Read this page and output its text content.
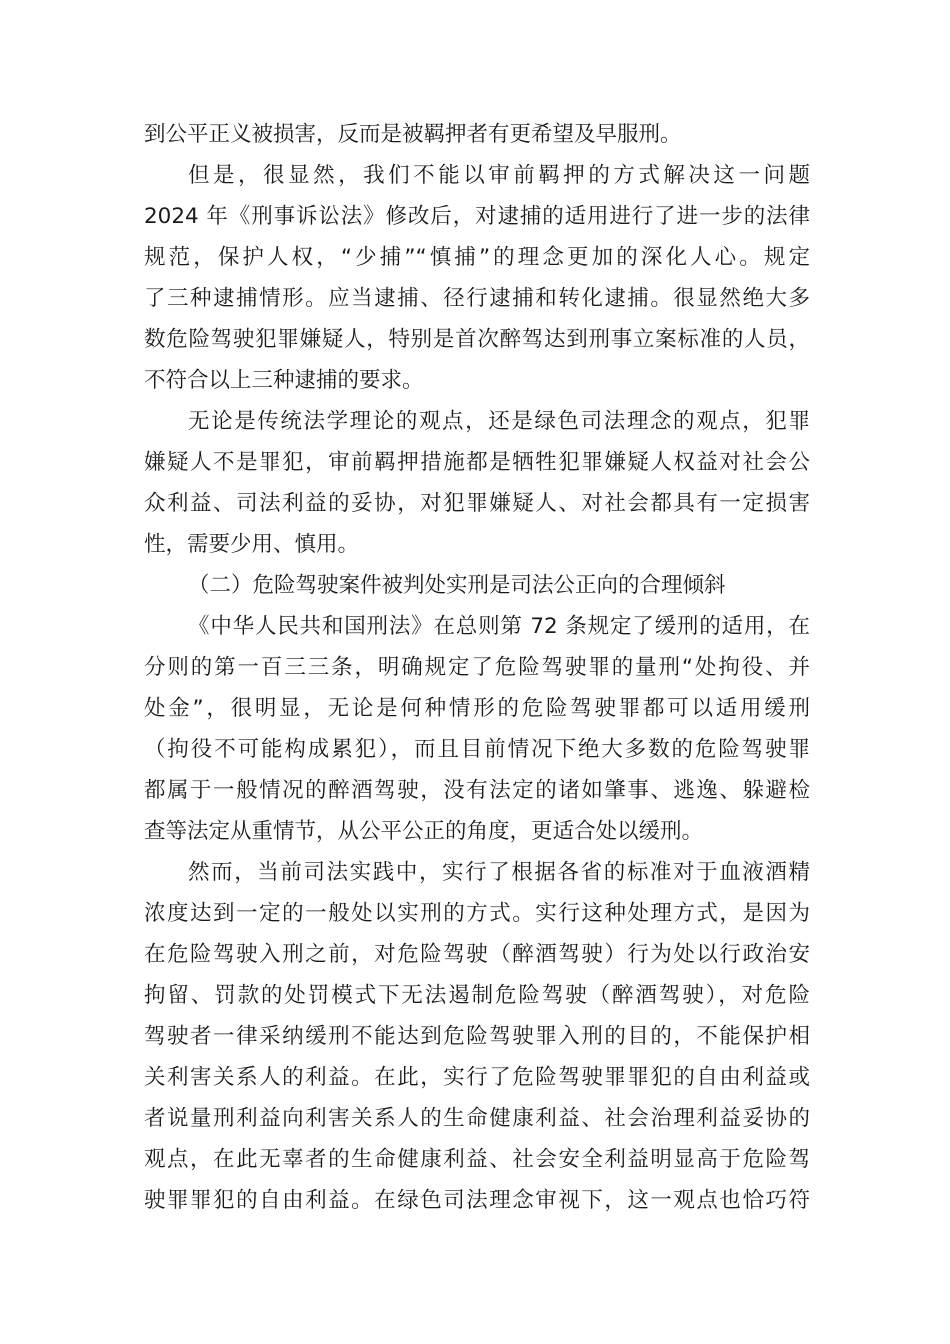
到公平正义被损害，反而是被羁押者有更希望及早服刑。
但是，很显然，我们不能以审前羁押的方式解决这一问题
2024 年《刑事诉讼法》修改后，对逮捕的适用进行了进一步的法律
规范，保护人权，“少捕”“慎捕”的理念更加的深化人心。规定
了三种逮捕情形。应当逮捕、径行逮捕和转化逮捕。很显然绝大多
数危险驾驶犯罪嫌疑人，特别是首次醉驾达到刑事立案标准的人员，
不符合以上三种逮捕的要求。
无论是传统法学理论的观点，还是绿色司法理念的观点，犯罪
嫌疑人不是罪犯，审前羁押措施都是牺牲犯罪嫌疑人权益对社会公
众利益、司法利益的妥协，对犯罪嫌疑人、对社会都具有一定损害
性，需要少用、慎用。
（二）危险驾驶案件被判处实刑是司法公正向的合理倾斜
《中华人民共和国刑法》在总则第 72 条规定了缓刑的适用，在
分则的第一百三三条，明确规定了危险驾驶罪的量刑“处拘役、并
处金”，很明显，无论是何种情形的危险驾驶罪都可以适用缓刑
（拘役不可能构成累犯），而且目前情况下绝大多数的危险驾驶罪
都属于一般情况的醉酒驾驶，没有法定的诸如肇事、逃逸、躲避检
查等法定从重情节，从公平公正的角度，更适合处以缓刑。
然而，当前司法实践中，实行了根据各省的标准对于血液酒精
浓度达到一定的一般处以实刑的方式。实行这种处理方式，是因为
在危险驾驶入刑之前，对危险驾驶（醉酒驾驶）行为处以行政治安
拘留、罚款的处罚模式下无法遏制危险驾驶（醉酒驾驶），对危险
驾驶者一律采纳缓刑不能达到危险驾驶罪入刑的目的，不能保护相
关利害关系人的利益。在此，实行了危险驾驶罪罪犯的自由利益或
者说量刑利益向利害关系人的生命健康利益、社会治理利益妥协的
观点，在此无辜者的生命健康利益、社会安全利益明显高于危险驾
驶罪罪犯的自由利益。在绿色司法理念审视下，这一观点也恰巧符
